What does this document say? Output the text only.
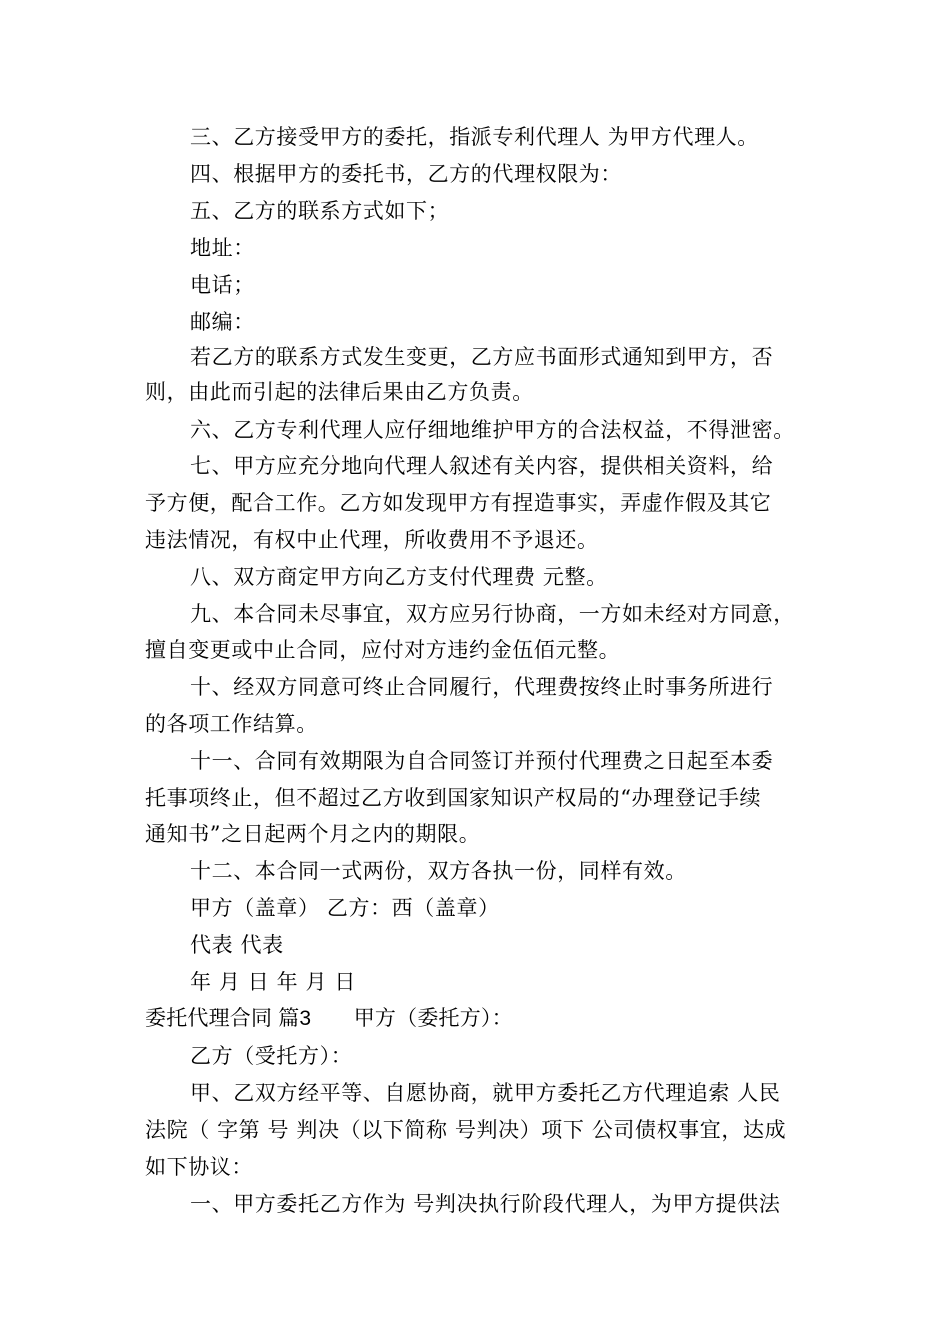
三、乙方接受甲方的委托，指派专利代理人 为甲方代理人。
四、根据甲方的委托书，乙方的代理权限为：
五、乙方的联系方式如下；
地址：
电话；
邮编：
若乙方的联系方式发生变更，乙方应书面形式通知到甲方，否
则，由此而引起的法律后果由乙方负责。
六、乙方专利代理人应仔细地维护甲方的合法权益，不得泄密。
七、甲方应充分地向代理人叙述有关内容，提供相关资料，给
予方便，配合工作。乙方如发现甲方有捏造事实，弄虚作假及其它
违法情况，有权中止代理，所收费用不予退还。
八、双方商定甲方向乙方支付代理费 元整。
九、本合同未尽事宜，双方应另行协商，一方如未经对方同意，
擅自变更或中止合同，应付对方违约金伍佰元整。
十、经双方同意可终止合同履行，代理费按终止时事务所进行
的各项工作结算。
十一、合同有效期限为自合同签订并预付代理费之日起至本委
托事项终止，但不超过乙方收到国家知识产权局的“办理登记手续
通知书”之日起两个月之内的期限。
十二、本合同一式两份，双方各执一份，同样有效。
甲方（盖章） 乙方：西（盖章）
代表 代表
年 月 日 年 月 日
委托代理合同 篇3　　甲方（委托方）：
乙方（受托方）：
甲、乙双方经平等、自愿协商，就甲方委托乙方代理追索 人民
法院（ 字第 号 判决（以下简称 号判决）项下 公司债权事宜，达成
如下协议：
一、甲方委托乙方作为 号判决执行阶段代理人，为甲方提供法
